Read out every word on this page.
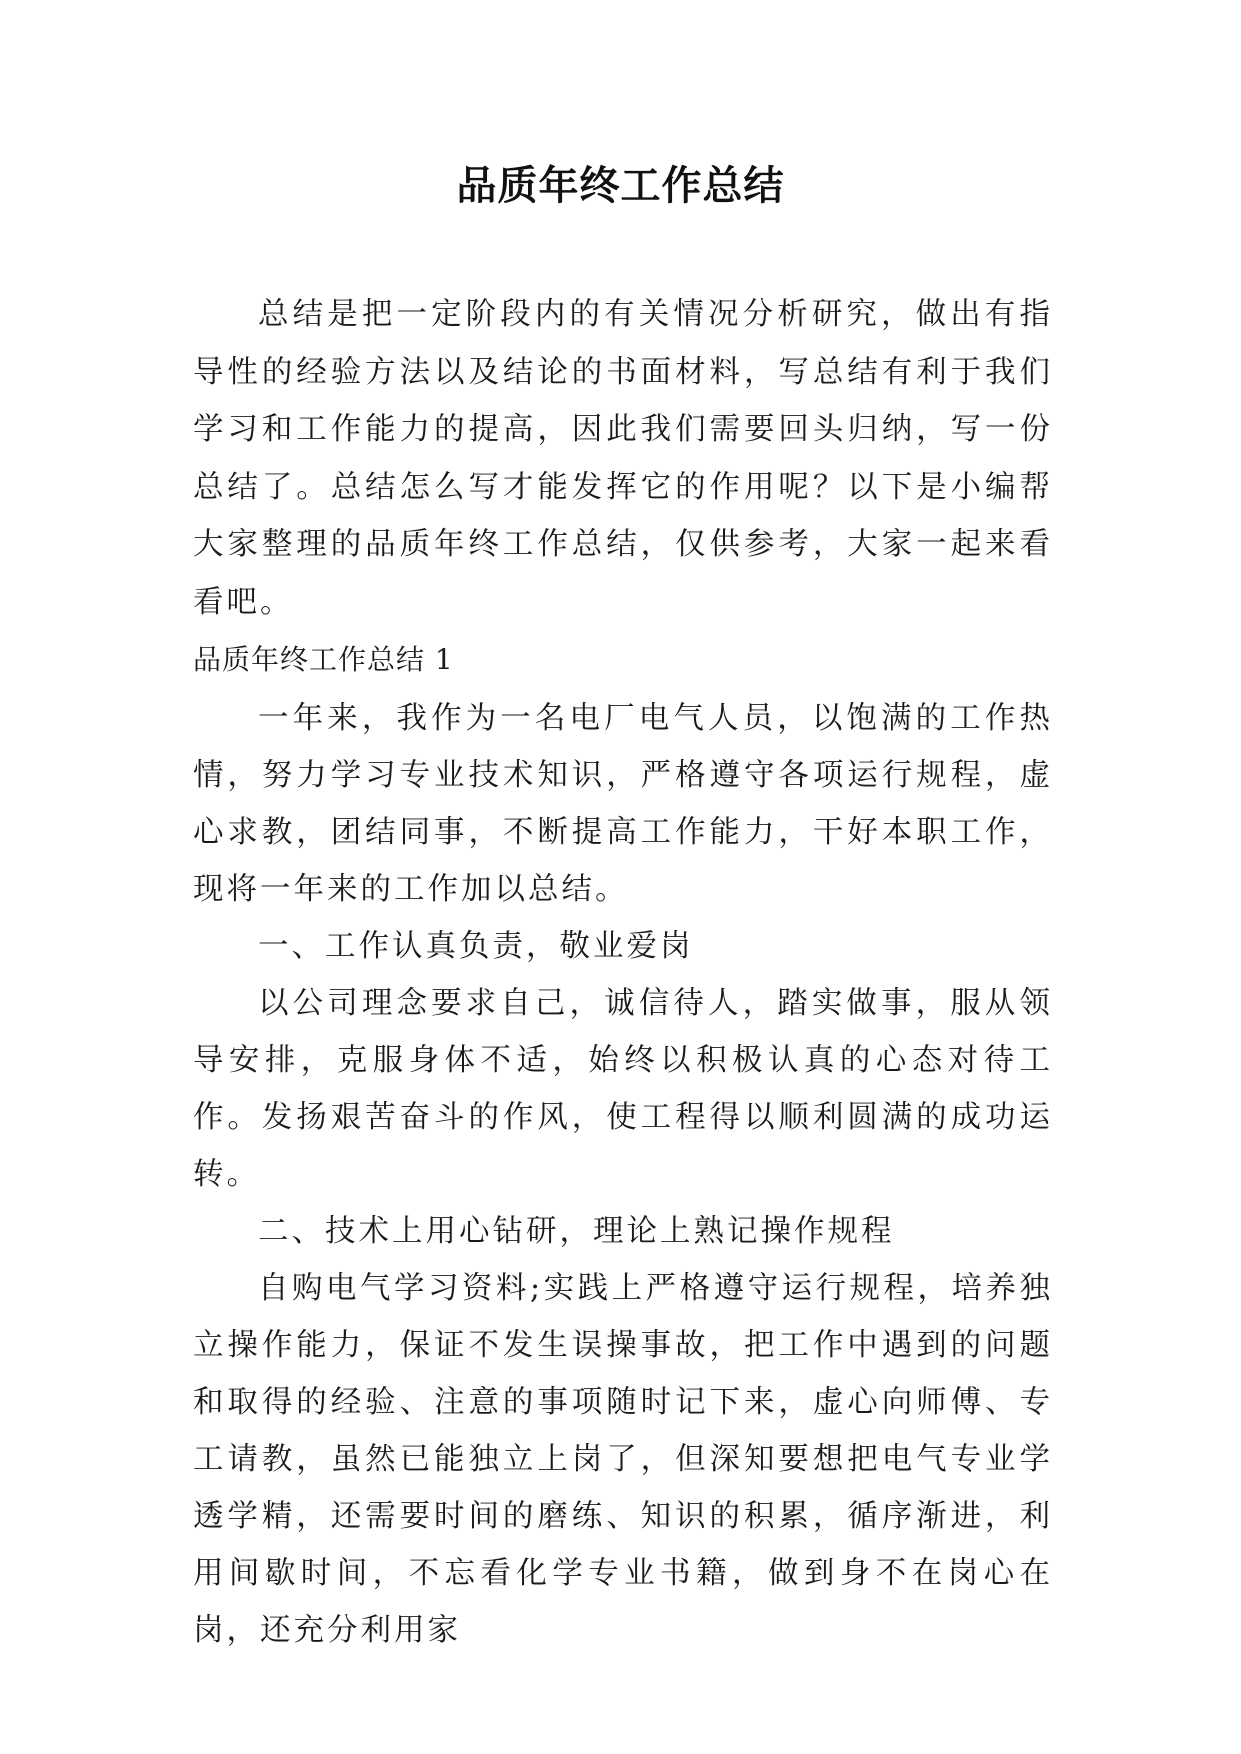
品质年终工作总结

总结是把一定阶段内的有关情况分析研究，做出有指导性的经验方法以及结论的书面材料，写总结有利于我们学习和工作能力的提高，因此我们需要回头归纳，写一份总结了。总结怎么写才能发挥它的作用呢？以下是小编帮大家整理的品质年终工作总结，仅供参考，大家一起来看看吧。

品质年终工作总结 1

一年来，我作为一名电厂电气人员，以饱满的工作热情，努力学习专业技术知识，严格遵守各项运行规程，虚心求教，团结同事，不断提高工作能力，干好本职工作，现将一年来的工作加以总结。

一、工作认真负责，敬业爱岗

以公司理念要求自己，诚信待人，踏实做事，服从领导安排，克服身体不适，始终以积极认真的心态对待工作。发扬艰苦奋斗的作风，使工程得以顺利圆满的成功运转。

二、技术上用心钻研，理论上熟记操作规程

自购电气学习资料;实践上严格遵守运行规程，培养独立操作能力，保证不发生误操事故，把工作中遇到的问题和取得的经验、注意的事项随时记下来，虚心向师傅、专工请教，虽然已能独立上岗了，但深知要想把电气专业学透学精，还需要时间的磨练、知识的积累，循序渐进，利用间歇时间，不忘看化学专业书籍，做到身不在岗心在岗，还充分利用家
